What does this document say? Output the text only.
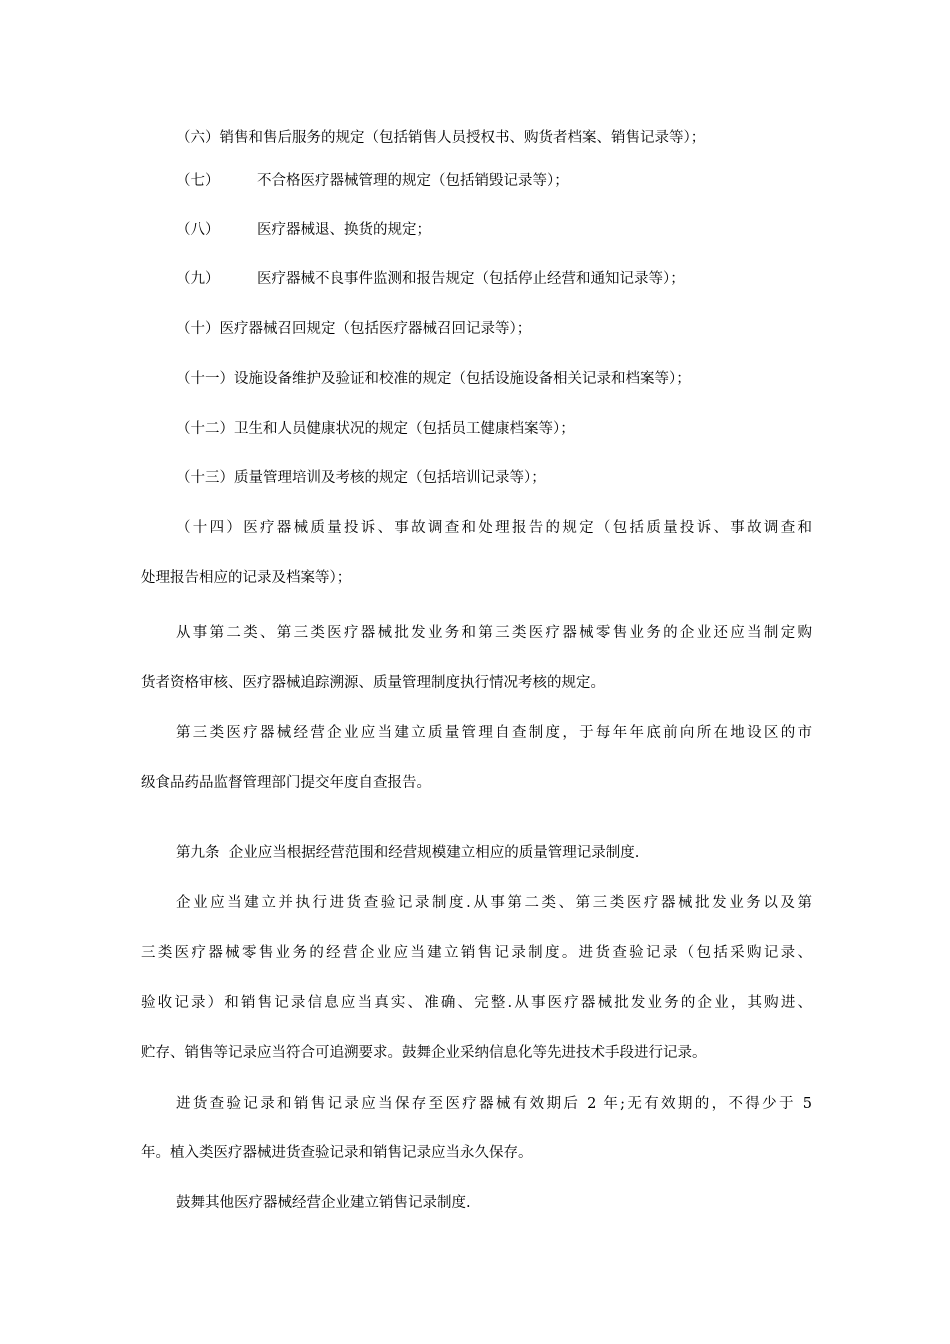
（六）销售和售后服务的规定（包括销售人员授权书、购货者档案、销售记录等）；
（七）	不合格医疗器械管理的规定（包括销毁记录等）；
（八）	医疗器械退、换货的规定；
（九）	医疗器械不良事件监测和报告规定（包括停止经营和通知记录等）；
（十）医疗器械召回规定（包括医疗器械召回记录等）；
（十一）设施设备维护及验证和校准的规定（包括设施设备相关记录和档案等）；
（十二）卫生和人员健康状况的规定（包括员工健康档案等）；
（十三）质量管理培训及考核的规定（包括培训记录等）；
（十四）医疗器械质量投诉、事故调查和处理报告的规定（包括质量投诉、事故调查和
处理报告相应的记录及档案等）；
从事第二类、第三类医疗器械批发业务和第三类医疗器械零售业务的企业还应当制定购
货者资格审核、医疗器械追踪溯源、质量管理制度执行情况考核的规定。
第三类医疗器械经营企业应当建立质量管理自查制度，于每年年底前向所在地设区的市
级食品药品监督管理部门提交年度自查报告。
第九条  企业应当根据经营范围和经营规模建立相应的质量管理记录制度.
企业应当建立并执行进货查验记录制度.从事第二类、第三类医疗器械批发业务以及第
三类医疗器械零售业务的经营企业应当建立销售记录制度。进货查验记录（包括采购记录、
验收记录）和销售记录信息应当真实、准确、完整.从事医疗器械批发业务的企业，其购进、
贮存、销售等记录应当符合可追溯要求。鼓舞企业采纳信息化等先进技术手段进行记录。
进货查验记录和销售记录应当保存至医疗器械有效期后 2 年;无有效期的，不得少于 5
年。植入类医疗器械进货查验记录和销售记录应当永久保存。
鼓舞其他医疗器械经营企业建立销售记录制度.
